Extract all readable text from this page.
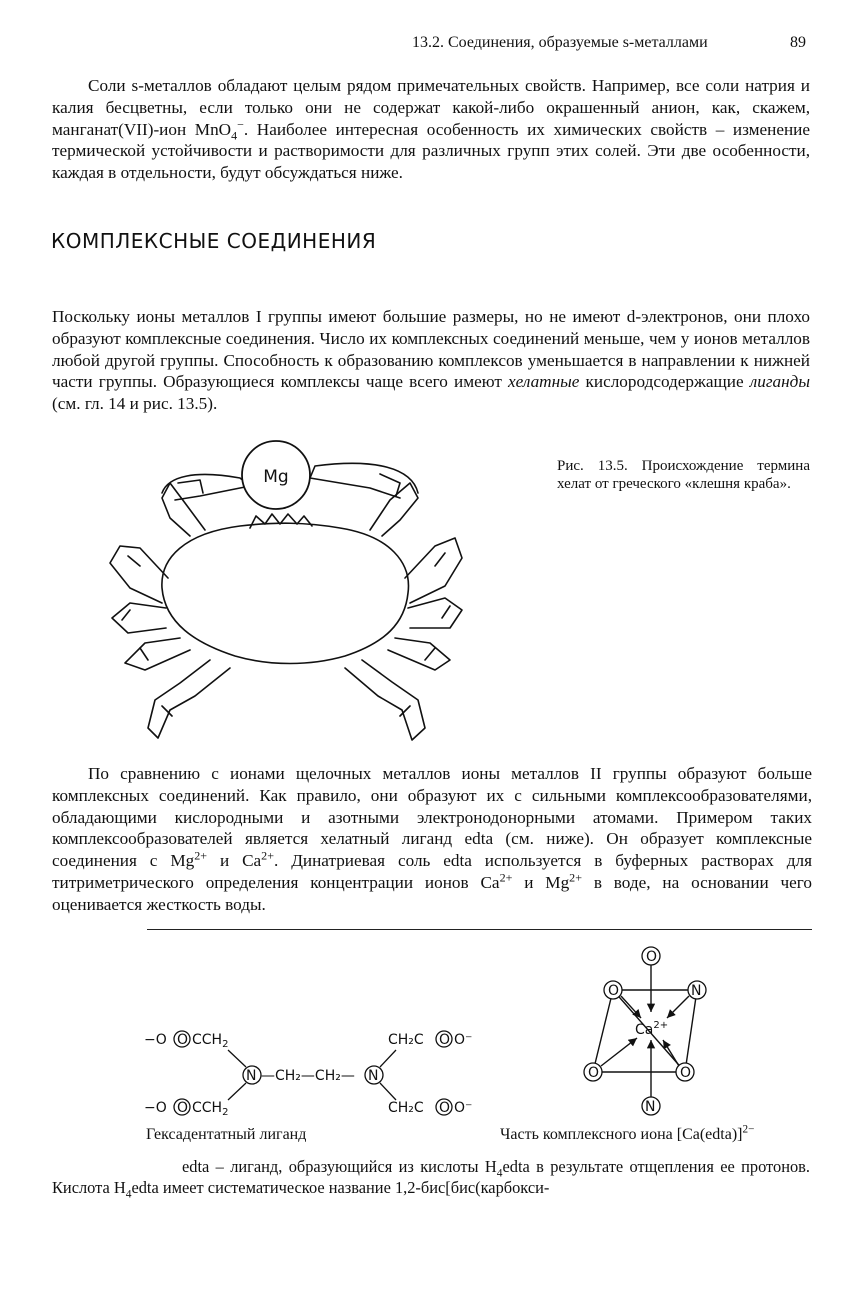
13.2. Соединения, образуемые s-металлами	89

Соли s-металлов обладают целым рядом примечательных свойств. Например, все соли натрия и калия бесцветны, если только они не содержат какой-либо окрашенный анион, как, скажем, манганат(VII)-ион MnO$_4$−. Наиболее интересная особенность их химических свойств – изменение термической устойчивости и растворимости для различных групп этих солей. Эти две особенности, каждая в отдельности, будут обсуждаться ниже.

КОМПЛЕКСНЫЕ СОЕДИНЕНИЯ

Поскольку ионы металлов I группы имеют большие размеры, но не имеют d-электронов, они плохо образуют комплексные соединения. Число их комплексных соединений меньше, чем у ионов металлов любой другой группы. Способность к образованию комплексов уменьшается в направлении к нижней части группы. Образующиеся комплексы чаще всего имеют хелатные кислородсодержащие лиганды (см. гл. 14 и рис. 13.5).

Mg
Рис. 13.5. Происхождение термина хелат от греческого «клешня краба».

По сравнению с ионами щелочных металлов ионы металлов II группы образуют больше комплексных соединений. Как правило, они образуют их с сильными комплексообразователями, обладающими кислородными и азотными электронодонорными атомами. Примером таких комплексообразователей является хелатный лиганд edta (см. ниже). Он образует комплексные соединения с $Mg^{2+}$ и $Ca^{2+}$. Динатриевая соль edta используется в буферных растворах для титриметрического определения концентрации ионов $Ca^{2+}$ и $Mg^{2+}$ в воде, на основании чего оценивается жесткость воды.

−O O $CCH_2$
−O O $CCH_2$
N —CH₂—CH₂— N
CH₂C O O⁻
CH₂C O O⁻
O
O	N
O	O
N
$Ca^{2+}$
Гексадентатный лиганд	Часть комплексного иона [Ca(edta)]$^{2-}$

edta – лиганд, образующийся из кислоты $H_4edta$ в результате отщепления ее протонов. Кислота $H_4edta$ имеет систематическое название 1,2-бис[бис(карбокси-
